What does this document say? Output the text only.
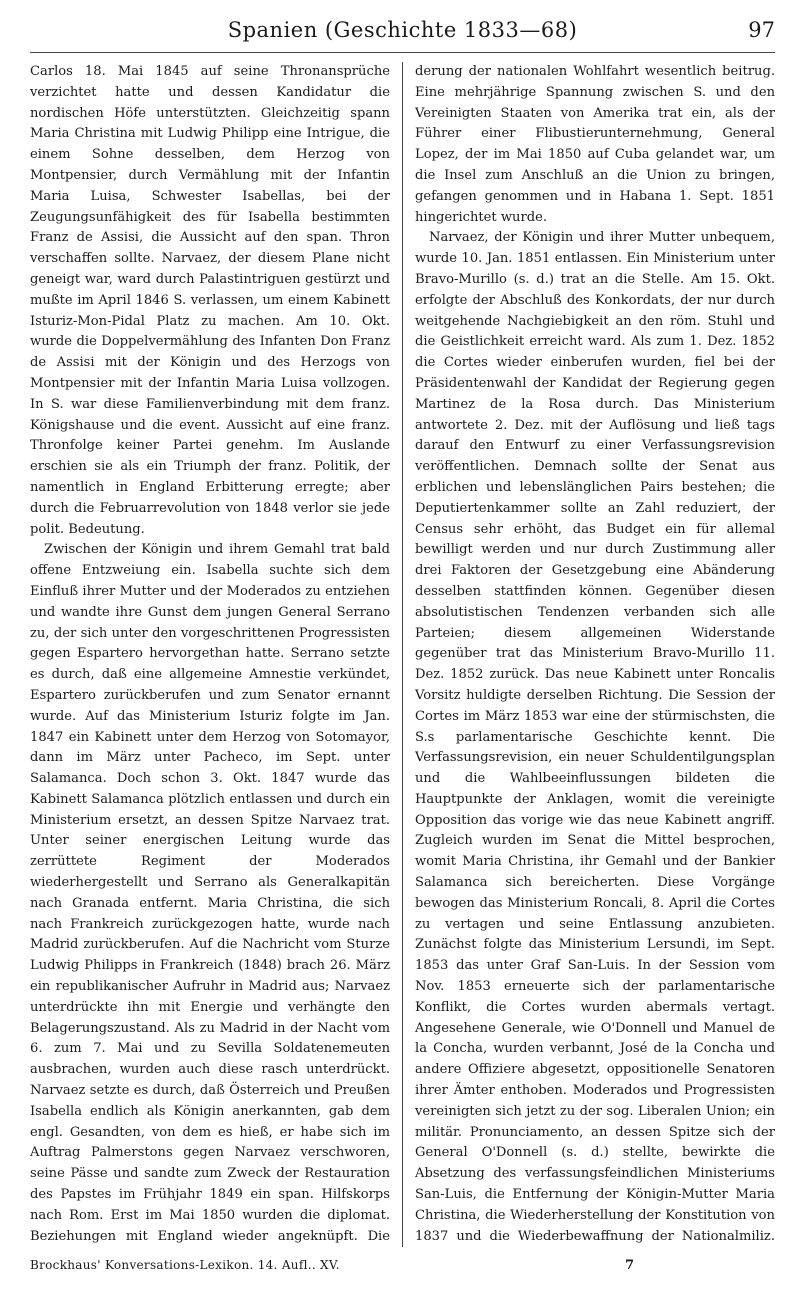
Spanien (Geschichte 1833—68)	97

Carlos 18. Mai 1845 auf seine Thronansprüche verzichtet hatte und dessen Kandidatur die nordischen Höfe unterstützten. Gleichzeitig spann Maria Christina mit Ludwig Philipp eine Intrigue, die einem Sohne desselben, dem Herzog von Montpensier, durch Vermählung mit der Infantin Maria Luisa, Schwester Isabellas, bei der Zeugungsunfähigkeit des für Isabella bestimmten Franz de Assisi, die Aussicht auf den span. Thron verschaffen sollte. Narvaez, der diesem Plane nicht geneigt war, ward durch Palastintriguen gestürzt und mußte im April 1846 S. verlassen, um einem Kabinett Isturiz-Mon-Pidal Platz zu machen. Am 10. Okt. wurde die Doppelvermählung des Infanten Don Franz de Assisi mit der Königin und des Herzogs von Montpensier mit der Infantin Maria Luisa vollzogen. In S. war diese Familienverbindung mit dem franz. Königshause und die event. Aussicht auf eine franz. Thronfolge keiner Partei genehm. Im Auslande erschien sie als ein Triumph der franz. Politik, der namentlich in England Erbitterung erregte; aber durch die Februarrevolution von 1848 verlor sie jede polit. Bedeutung.

Zwischen der Königin und ihrem Gemahl trat bald offene Entzweiung ein. Isabella suchte sich dem Einfluß ihrer Mutter und der Moderados zu entziehen und wandte ihre Gunst dem jungen General Serrano zu, der sich unter den vorgeschrittenen Progressisten gegen Espartero hervorgethan hatte. Serrano setzte es durch, daß eine allgemeine Amnestie verkündet, Espartero zurückberufen und zum Senator ernannt wurde. Auf das Ministerium Isturiz folgte im Jan. 1847 ein Kabinett unter dem Herzog von Sotomayor, dann im März unter Pacheco, im Sept. unter Salamanca. Doch schon 3. Okt. 1847 wurde das Kabinett Salamanca plötzlich entlassen und durch ein Ministerium ersetzt, an dessen Spitze Narvaez trat. Unter seiner energischen Leitung wurde das zerrüttete Regiment der Moderados wiederhergestellt und Serrano als Generalkapitän nach Granada entfernt. Maria Christina, die sich nach Frankreich zurückgezogen hatte, wurde nach Madrid zurückberufen. Auf die Nachricht vom Sturze Ludwig Philipps in Frankreich (1848) brach 26. März ein republikanischer Aufruhr in Madrid aus; Narvaez unterdrückte ihn mit Energie und verhängte den Belagerungszustand. Als zu Madrid in der Nacht vom 6. zum 7. Mai und zu Sevilla Soldatenemeuten ausbrachen, wurden auch diese rasch unterdrückt. Narvaez setzte es durch, daß Österreich und Preußen Isabella endlich als Königin anerkannten, gab dem engl. Gesandten, von dem es hieß, er habe sich im Auftrag Palmerstons gegen Narvaez verschworen, seine Pässe und sandte zum Zweck der Restauration des Papstes im Frühjahr 1849 ein span. Hilfskorps nach Rom. Erst im Mai 1850 wurden die diplomat. Beziehungen mit England wieder angeknüpft. Die

derung der nationalen Wohlfahrt wesentlich beitrug. Eine mehrjährige Spannung zwischen S. und den Vereinigten Staaten von Amerika trat ein, als der Führer einer Flibustierunternehmung, General Lopez, der im Mai 1850 auf Cuba gelandet war, um die Insel zum Anschluß an die Union zu bringen, gefangen genommen und in Habana 1. Sept. 1851 hingerichtet wurde.

Narvaez, der Königin und ihrer Mutter unbequem, wurde 10. Jan. 1851 entlassen. Ein Ministerium unter Bravo-Murillo (s. d.) trat an die Stelle. Am 15. Okt. erfolgte der Abschluß des Konkordats, der nur durch weitgehende Nachgiebigkeit an den röm. Stuhl und die Geistlichkeit erreicht ward. Als zum 1. Dez. 1852 die Cortes wieder einberufen wurden, fiel bei der Präsidentenwahl der Kandidat der Regierung gegen Martinez de la Rosa durch. Das Ministerium antwortete 2. Dez. mit der Auflösung und ließ tags darauf den Entwurf zu einer Verfassungsrevision veröffentlichen. Demnach sollte der Senat aus erblichen und lebenslänglichen Pairs bestehen; die Deputiertenkammer sollte an Zahl reduziert, der Census sehr erhöht, das Budget ein für allemal bewilligt werden und nur durch Zustimmung aller drei Faktoren der Gesetzgebung eine Abänderung desselben stattfinden können. Gegenüber diesen absolutistischen Tendenzen verbanden sich alle Parteien; diesem allgemeinen Widerstande gegenüber trat das Ministerium Bravo-Murillo 11. Dez. 1852 zurück. Das neue Kabinett unter Roncalis Vorsitz huldigte derselben Richtung. Die Session der Cortes im März 1853 war eine der stürmischsten, die S.s parlamentarische Geschichte kennt. Die Verfassungsrevision, ein neuer Schuldentilgungsplan und die Wahlbeeinflussungen bildeten die Hauptpunkte der Anklagen, womit die vereinigte Opposition das vorige wie das neue Kabinett angriff. Zugleich wurden im Senat die Mittel besprochen, womit Maria Christina, ihr Gemahl und der Bankier Salamanca sich bereicherten. Diese Vorgänge bewogen das Ministerium Roncali, 8. April die Cortes zu vertagen und seine Entlassung anzubieten. Zunächst folgte das Ministerium Lersundi, im Sept. 1853 das unter Graf San-Luis. In der Session vom Nov. 1853 erneuerte sich der parlamentarische Konflikt, die Cortes wurden abermals vertagt. Angesehene Generale, wie O'Donnell und Manuel de la Concha, wurden verbannt, José de la Concha und andere Offiziere abgesetzt, oppositionelle Senatoren ihrer Ämter enthoben. Moderados und Progressisten vereinigten sich jetzt zu der sog. Liberalen Union; ein militär. Pronunciamento, an dessen Spitze sich der General O'Donnell (s. d.) stellte, bewirkte die Absetzung des verfassungsfeindlichen Ministeriums San-Luis, die Entfernung der Königin-Mutter Maria Christina, die Wiederherstellung der Konstitution von 1837 und die Wiederbewaffnung der Nationalmiliz.

Brockhaus' Konversations-Lexikon. 14. Aufl.. XV.	7
